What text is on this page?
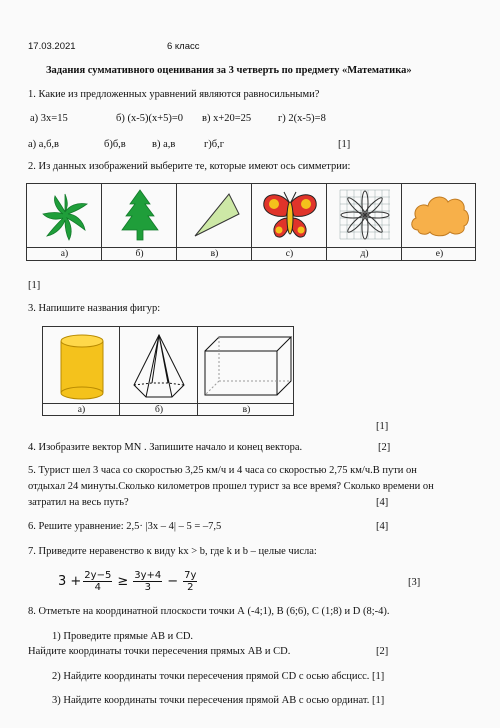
17.03.2021	6 класс
Задания суммативного оценивания за 3 четверть по предмету «Математика»
1. Какие из предложенных уравнений являются равносильными?
а) 3х=15	б) (х-5)(х+5)=0 в) х+20=25	г) 2(х-5)=8
а) а,б,в	б)б,в в) а,в	г)б,г	[1]
2. Из данных изображений выберите те, которые имеют ось симметрии:
а)	б)	в)	с)	д)	е)
[1]
3. Напишите названия фигур:
а)	б)	в)
[1]
4. Изобразите вектор MN . Запишите начало и конец вектора.	[2]
5. Турист шел 3 часа со скоростью 3,25 км/ч и 4 часа со скоростью 2,75 км/ч.В пути он
отдыхал 24 минуты.Сколько километров прошел турист за все время? Сколько времени он
затратил на весь путь?	[4]
6. Решите уравнение: 2,5· |3х – 4| – 5 = –7,5	[4]
7. Приведите неравенство к виду kx > b, где k и b – целые числа:
$3 + \frac{2y-5}{4} \ge \frac{3y+4}{3} - \frac{7y}{2}$	[3]
8. Отметьте на координатной плоскости точки А (-4;1), В (6;6), С (1;8) и D (8;-4).
1) Проведите прямые AB и CD.
Найдите координаты точки пересечения прямых АВ и CD.	[2]
2) Найдите координаты точки пересечения прямой CD с осью абсцисс. [1]
3) Найдите координаты точки пересечения прямой АВ с осью ординат. [1]
